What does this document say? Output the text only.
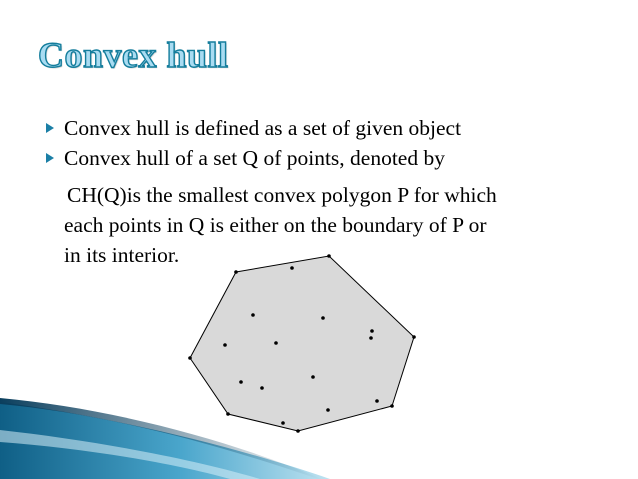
Convex hull
Convex hull is defined as a set of given object
Convex hull of a set Q of points, denoted by
CH(Q)is the smallest convex polygon P for which
each points in Q is either on the boundary of P or
in its interior.
